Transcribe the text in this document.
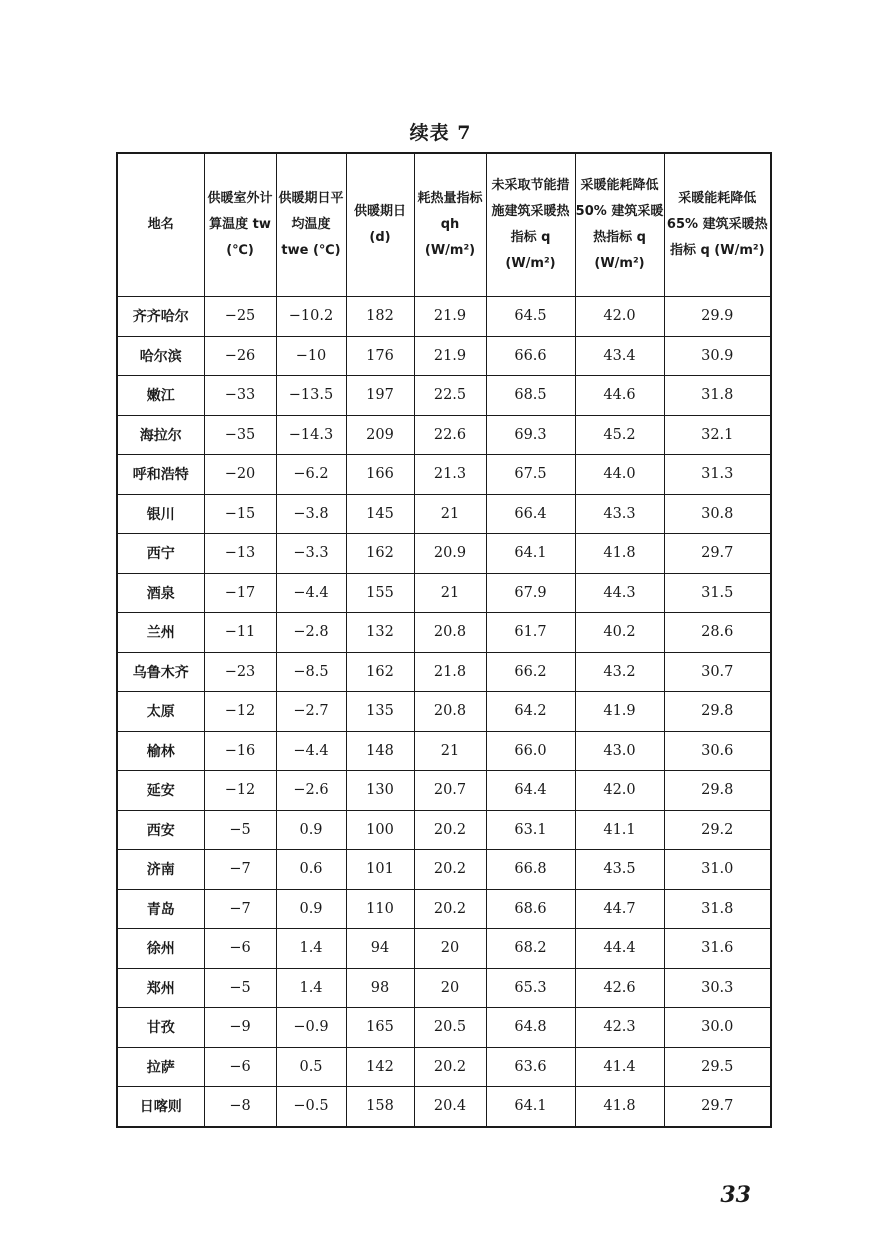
续表 7
地名	供暖室外计算温度 tw (℃)	供暖期日平均温度 twe (℃)	供暖期日 (d)	耗热量指标 qh (W/m²)	未采取节能措施建筑采暖热指标 q (W/m²)	采暖能耗降低 50% 建筑采暖热指标 q (W/m²)	采暖能耗降低 65% 建筑采暖热指标 q (W/m²)
齐齐哈尔	−25	−10.2	182	21.9	64.5	42.0	29.9
哈尔滨	−26	−10	176	21.9	66.6	43.4	30.9
嫩江	−33	−13.5	197	22.5	68.5	44.6	31.8
海拉尔	−35	−14.3	209	22.6	69.3	45.2	32.1
呼和浩特	−20	−6.2	166	21.3	67.5	44.0	31.3
银川	−15	−3.8	145	21	66.4	43.3	30.8
西宁	−13	−3.3	162	20.9	64.1	41.8	29.7
酒泉	−17	−4.4	155	21	67.9	44.3	31.5
兰州	−11	−2.8	132	20.8	61.7	40.2	28.6
乌鲁木齐	−23	−8.5	162	21.8	66.2	43.2	30.7
太原	−12	−2.7	135	20.8	64.2	41.9	29.8
榆林	−16	−4.4	148	21	66.0	43.0	30.6
延安	−12	−2.6	130	20.7	64.4	42.0	29.8
西安	−5	0.9	100	20.2	63.1	41.1	29.2
济南	−7	0.6	101	20.2	66.8	43.5	31.0
青岛	−7	0.9	110	20.2	68.6	44.7	31.8
徐州	−6	1.4	94	20	68.2	44.4	31.6
郑州	−5	1.4	98	20	65.3	42.6	30.3
甘孜	−9	−0.9	165	20.5	64.8	42.3	30.0
拉萨	−6	0.5	142	20.2	63.6	41.4	29.5
日喀则	−8	−0.5	158	20.4	64.1	41.8	29.7
33
